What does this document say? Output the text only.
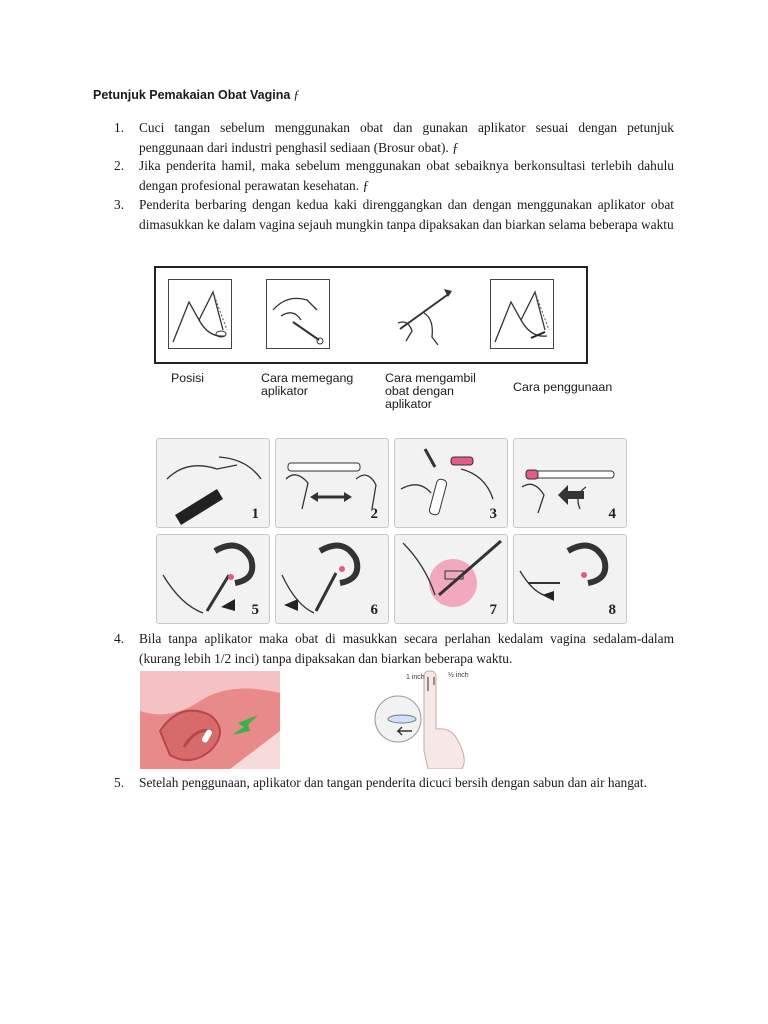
Petunjuk Pemakaian Obat Vagina ƒ
1. Cuci tangan sebelum menggunakan obat dan gunakan aplikator sesuai dengan petunjuk penggunaan dari industri penghasil sediaan (Brosur obat). ƒ
2. Jika penderita hamil, maka sebelum menggunakan obat sebaiknya berkonsultasi terlebih dahulu dengan profesional perawatan kesehatan. ƒ
3. Penderita berbaring dengan kedua kaki direnggangkan dan dengan menggunakan aplikator obat dimasukkan ke dalam vagina sejauh mungkin tanpa dipaksakan dan biarkan selama beberapa waktu
Posisi	Cara memegang
aplikator
Cara mengambil
obat dengan
aplikator
Cara penggunaan
1	2	3	4
5	6	7	8
4. Bila tanpa aplikator maka obat di masukkan secara perlahan kedalam vagina sedalam-dalam (kurang lebih 1/2 inci) tanpa dipaksakan dan biarkan beberapa waktu.
1 inch	½ inch
5. Setelah penggunaan, aplikator dan tangan penderita dicuci bersih dengan sabun dan air hangat.
